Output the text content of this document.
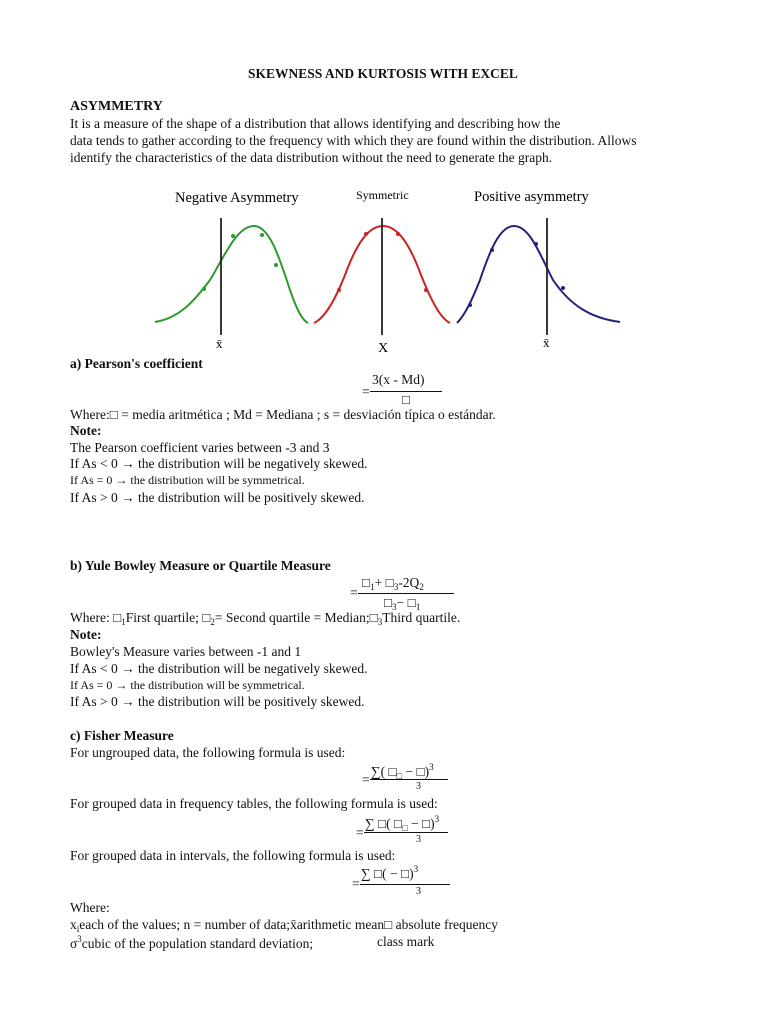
SKEWNESS AND KURTOSIS WITH EXCEL
ASYMMETRY
It is a measure of the shape of a distribution that allows identifying and describing how the
data tends to gather according to the frequency with which they are found within the distribution. Allows
identify the characteristics of the data distribution without the need to generate the graph.
Negative Asymmetry	Symmetric	Positive asymmetry
x̄	X	x̄
a) Pearson's coefficient
=
3(x - Md)
□
Where:□ = media aritmética ; Md = Mediana ; s = desviación típica o estándar.
Note:
The Pearson coefficient varies between -3 and 3
If As < 0 → the distribution will be negatively skewed.
If As = 0 → the distribution will be symmetrical.
If As > 0 → the distribution will be positively skewed.
b) Yule Bowley Measure or Quartile Measure
=
$□_1+$ $□_3-2Q_2$
$□_3-$ $□_1$
Where: $□_1First$ quartile; $□_2=$ Second quartile = $Median;□_3Third$ quartile.
Note:
Bowley's Measure varies between -1 and 1
If As < 0 → the distribution will be negatively skewed.
If As = 0 → the distribution will be symmetrical.
If As > 0 → the distribution will be positively skewed.
c) Fisher Measure
For ungrouped data, the following formula is used:
=
∑( $□_□$ − □)$^3$
3
For grouped data in frequency tables, the following formula is used:
=
∑ □( $□_□$ − □)$^3$
3
For grouped data in intervals, the following formula is used:
=
∑ □( − □)$^3$
3
Where:
$x_ieach$ of the values; n = number of data;x̄arithmetic mean□ absolute frequency
$\sigma^3cubic$ of the population standard deviation;	class mark
